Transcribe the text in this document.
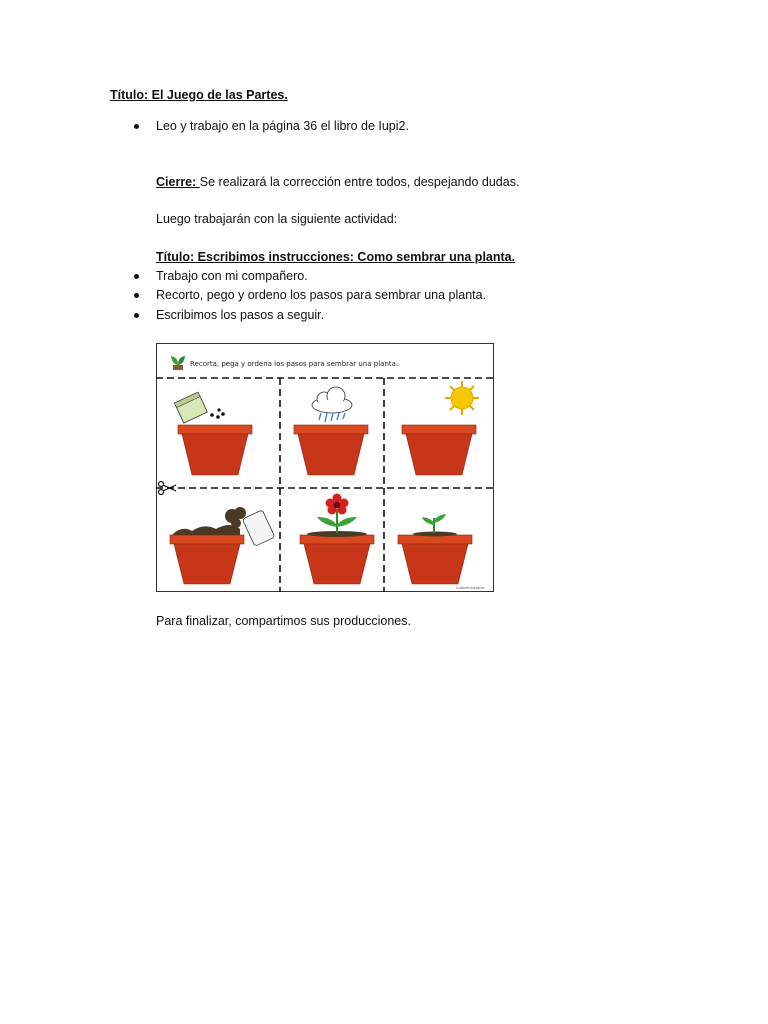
Título: El Juego de las Partes.
Leo y trabajo en la página 36 el libro de Iupi2.
Cierre: Se realizará la corrección entre todos, despejando dudas.
Luego trabajarán con la siguiente actividad:
Título: Escribimos instrucciones: Como sembrar una planta.
Trabajo con mi compañero.
Recorto, pego y ordeno los pasos para sembrar una planta.
Escribimos los pasos a seguir.
Recorta, pega y ordena los pasos para sembrar una planta.
ColibriEducativo
Para finalizar, compartimos sus producciones.
